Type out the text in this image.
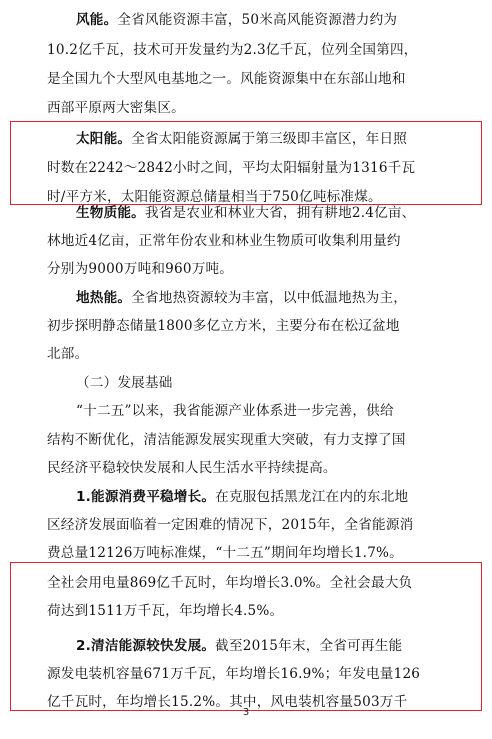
风能。全省风能资源丰富，50米高风能资源潜力约为
10.2亿千瓦，技术可开发量约为2.3亿千瓦，位列全国第四，
是全国九个大型风电基地之一。风能资源集中在东部山地和
西部平原两大密集区。
太阳能。全省太阳能资源属于第三级即丰富区，年日照
时数在2242～2842小时之间，平均太阳辐射量为1316千瓦
时/平方米，太阳能资源总储量相当于750亿吨标准煤。
生物质能。我省是农业和林业大省，拥有耕地2.4亿亩、
林地近4亿亩，正常年份农业和林业生物质可收集利用量约
分别为9000万吨和960万吨。
地热能。全省地热资源较为丰富，以中低温地热为主，
初步探明静态储量1800多亿立方米，主要分布在松辽盆地
北部。
（二）发展基础
“十二五”以来，我省能源产业体系进一步完善，供给
结构不断优化，清洁能源发展实现重大突破，有力支撑了国
民经济平稳较快发展和人民生活水平持续提高。
1.能源消费平稳增长。在克服包括黑龙江在内的东北地
区经济发展面临着一定困难的情况下，2015年，全省能源消
费总量12126万吨标准煤，“十二五”期间年均增长1.7%。
全社会用电量869亿千瓦时，年均增长3.0%。全社会最大负
荷达到1511万千瓦，年均增长4.5%。
2.清洁能源较快发展。截至2015年末，全省可再生能
源发电装机容量671万千瓦，年均增长16.9%；年发电量126
3
亿千瓦时，年均增长15.2%。其中，风电装机容量503万千
